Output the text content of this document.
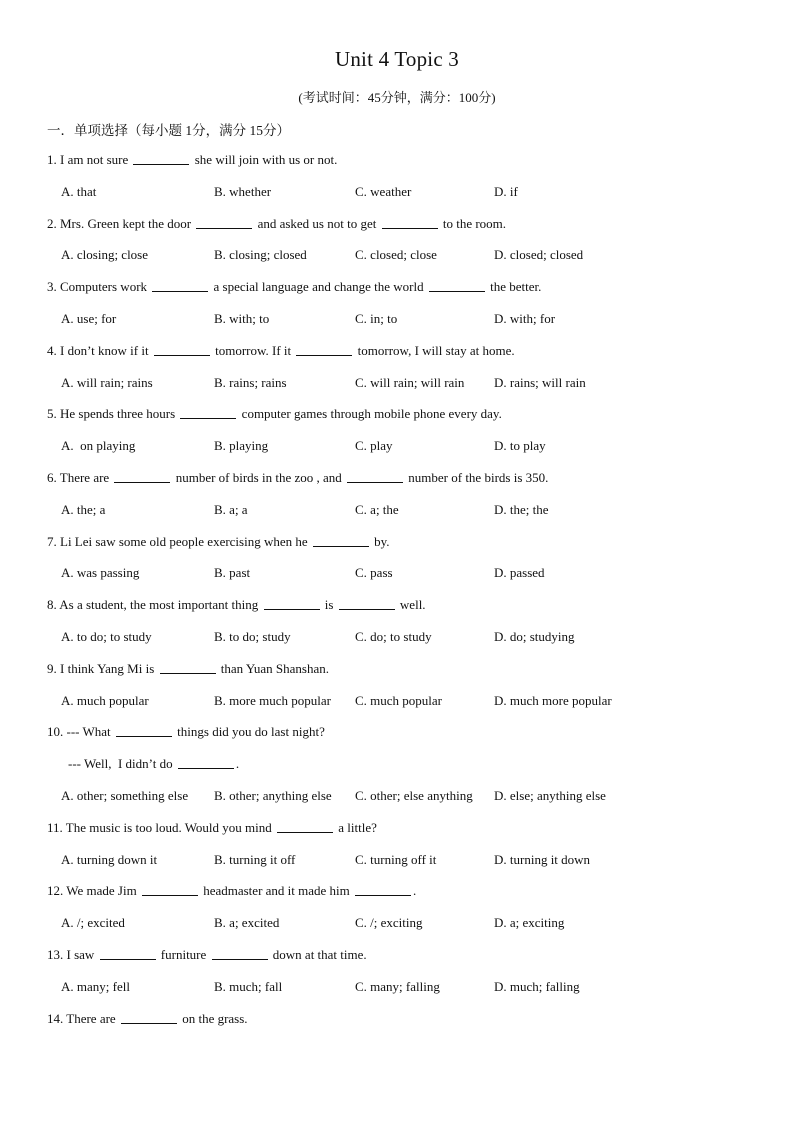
Unit 4 Topic 3
(考试时间：45分钟，满分：100分)
一．单项选择（每小题 1分，满分 15分）
1. I am not sure	she will join with us or not.
A. that	B. whether	C. weather	D. if
2. Mrs. Green kept the door	and asked us not to get	to the room.
A. closing; close	B. closing; closed	C. closed; close	D. closed; closed
3. Computers work	a special language and change the world	the better.
A. use; for	B. with; to	C. in; to	D. with; for
4. I don’t know if it	tomorrow. If it	tomorrow, I will stay at home.
A. will rain; rains	B. rains; rains	C. will rain; will rain D. rains; will rain
5. He spends three hours	computer games through mobile phone every day.
A.  on playing	B. playing	C. play	D. to play
6. There are	number of birds in the zoo , and	number of the birds is 350.
A. the; a	B. a; a	C. a; the	D. the; the
7. Li Lei saw some old people exercising when he	by.
A. was passing	B. past	C. pass	D. passed
8. As a student, the most important thing	is	well.
A. to do; to study	B. to do; study	C. do; to study	D. do; studying
9. I think Yang Mi is	than Yuan Shanshan.
A. much popular	B. more much popular C. much popular	D. much more popular
10. --- What	things did you do last night?
--- Well,  I didn’t do	.
A. other; something else B. other; anything else C. other; else anything D. else; anything else
11. The music is too loud. Would you mind	a little?
A. turning down it	B. turning it off	C. turning off it	D. turning it down
12. We made Jim	headmaster and it made him	.
A. /; excited	B. a; excited	C. /; exciting	D. a; exciting
13. I saw	furniture	down at that time.
A. many; fell	B. much; fall	C. many; falling	D. much; falling
14. There are	on the grass.
